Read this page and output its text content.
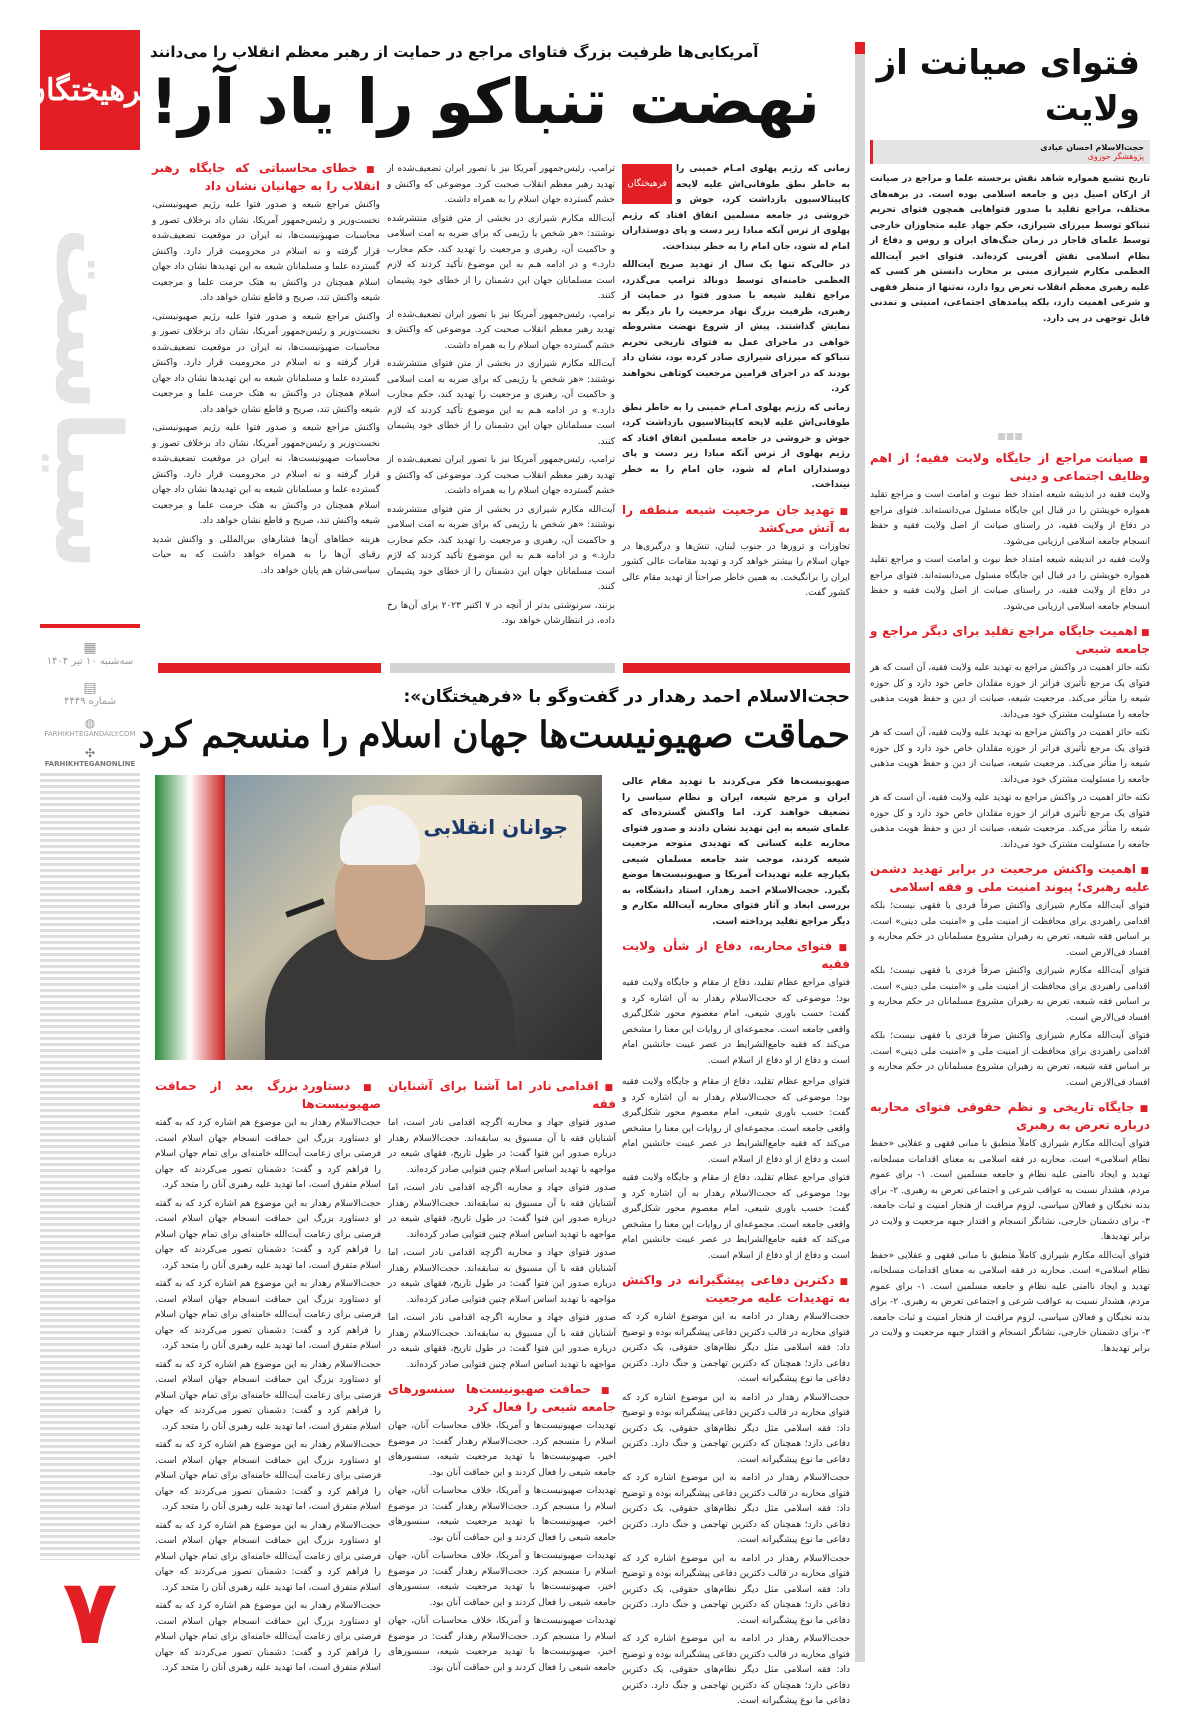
فرهیختگان
سیاست
▦
سه‌شنبه ۱۰ تیر ۱۴۰۴
▤
شماره ۴۴۴۹
◍
FARHIKHTEGANDAILY.COM
✣
FARHIKHTEGANONLINE
۷
فتوای صیانت از ولایت
حجت‌الاسلام احسان عبادی
پژوهشگر حوزوی
تاریخ تشیع همواره شاهد نقش برجسته علما و مراجع در صیانت از ارکان اصیل دین و جامعه اسلامی بوده است. در برهه‌های مختلف، مراجع تقلید با صدور فتواهایی همچون فتوای تحریم تنباکو توسط میرزای شیرازی، حکم جهاد علیه متجاوزان خارجی توسط علمای قاجار در زمان جنگ‌های ایران و روس و دفاع از نظام اسلامی نقش آفرینی کرده‌اند. فتوای اخیر آیت‌الله العظمی مکارم شیرازی مبنی بر محارب دانستن هر کسی که علیه رهبری معظم انقلاب تعرض روا دارد، نه‌تنها از منظر فقهی و شرعی اهمیت دارد، بلکه پیامدهای اجتماعی، امنیتی و تمدنی قابل توجهی در پی دارد.
■■■
■ صیانت مراجع از جایگاه ولایت فقیه؛ از اهم وظایف اجتماعی و دینی

ولایت فقیه در اندیشه شیعه امتداد خط نبوت و امامت است و مراجع تقلید همواره خویشتن را در قبال این جایگاه مسئول می‌دانسته‌اند. فتوای مراجع در دفاع از ولایت فقیه، در راستای صیانت از اصل ولایت فقیه و حفظ انسجام جامعه اسلامی ارزیابی می‌شود.

ولایت فقیه در اندیشه شیعه امتداد خط نبوت و امامت است و مراجع تقلید همواره خویشتن را در قبال این جایگاه مسئول می‌دانسته‌اند. فتوای مراجع در دفاع از ولایت فقیه، در راستای صیانت از اصل ولایت فقیه و حفظ انسجام جامعه اسلامی ارزیابی می‌شود.

■ اهمیت جایگاه مراجع تقلید برای دیگر مراجع و جامعه شیعی

نکته حائز اهمیت در واکنش مراجع به تهدید علیه ولایت فقیه، آن است که هر فتوای یک مرجع تأثیری فراتر از حوزه مقلدان خاص خود دارد و کل حوزه شیعه را متأثر می‌کند. مرجعیت شیعه، صیانت از دین و حفظ هویت مذهبی جامعه را مسئولیت مشترک خود می‌داند.

نکته حائز اهمیت در واکنش مراجع به تهدید علیه ولایت فقیه، آن است که هر فتوای یک مرجع تأثیری فراتر از حوزه مقلدان خاص خود دارد و کل حوزه شیعه را متأثر می‌کند. مرجعیت شیعه، صیانت از دین و حفظ هویت مذهبی جامعه را مسئولیت مشترک خود می‌داند.

نکته حائز اهمیت در واکنش مراجع به تهدید علیه ولایت فقیه، آن است که هر فتوای یک مرجع تأثیری فراتر از حوزه مقلدان خاص خود دارد و کل حوزه شیعه را متأثر می‌کند. مرجعیت شیعه، صیانت از دین و حفظ هویت مذهبی جامعه را مسئولیت مشترک خود می‌داند.

■ اهمیت واکنش مرجعیت در برابر تهدید دشمن علیه رهبری؛ پیوند امنیت ملی و فقه اسلامی

فتوای آیت‌الله مکارم شیرازی واکنش صرفاً فردی یا فقهی نیست؛ بلکه اقدامی راهبردی برای محافظت از امنیت ملی و «امنیت ملی دینی» است. بر اساس فقه شیعه، تعرض به رهبران مشروع مسلمانان در حکم محاربه و افساد فی‌الارض است.

فتوای آیت‌الله مکارم شیرازی واکنش صرفاً فردی یا فقهی نیست؛ بلکه اقدامی راهبردی برای محافظت از امنیت ملی و «امنیت ملی دینی» است. بر اساس فقه شیعه، تعرض به رهبران مشروع مسلمانان در حکم محاربه و افساد فی‌الارض است.

فتوای آیت‌الله مکارم شیرازی واکنش صرفاً فردی یا فقهی نیست؛ بلکه اقدامی راهبردی برای محافظت از امنیت ملی و «امنیت ملی دینی» است. بر اساس فقه شیعه، تعرض به رهبران مشروع مسلمانان در حکم محاربه و افساد فی‌الارض است.

■ جایگاه تاریخی و نظم حقوقی فتوای محاربه درباره تعرض به رهبری

فتوای آیت‌الله مکارم شیرازی کاملاً منطبق با مبانی فقهی و عقلایی «حفظ نظام اسلامی» است. محاربه در فقه اسلامی به معنای اقدامات مسلحانه، تهدید و ایجاد ناامنی علیه نظام و جامعه مسلمین است. ۱- برای عموم مردم، هشدار نسبت به عواقب شرعی و اجتماعی تعرض به رهبری. ۲- برای بدنه نخبگان و فعالان سیاسی، لزوم مراقبت از هنجار امنیت و ثبات جامعه. ۳- برای دشمنان خارجی، نشانگر انسجام و اقتدار جبهه مرجعیت و ولایت در برابر تهدیدها.

فتوای آیت‌الله مکارم شیرازی کاملاً منطبق با مبانی فقهی و عقلایی «حفظ نظام اسلامی» است. محاربه در فقه اسلامی به معنای اقدامات مسلحانه، تهدید و ایجاد ناامنی علیه نظام و جامعه مسلمین است. ۱- برای عموم مردم، هشدار نسبت به عواقب شرعی و اجتماعی تعرض به رهبری. ۲- برای بدنه نخبگان و فعالان سیاسی، لزوم مراقبت از هنجار امنیت و ثبات جامعه. ۳- برای دشمنان خارجی، نشانگر انسجام و اقتدار جبهه مرجعیت و ولایت در برابر تهدیدها.

آمریکایی‌ها ظرفیت بزرگ فتاوای مراجع در حمایت از رهبر معظم انقلاب را می‌دانند
نهضت تنباکو را یاد آر!
فرهیختگان

زمانی که رژیم پهلوی امـام خمینی را به خاطر نطق طوفانی‌اش علیه لایحه کاپیتالاسیون بازداشت کرد، جوش و خروشی در جامعه مسلمین اتفاق افتاد که رژیم پهلوی از ترس آنکه مبادا زیر دست و پای دوستداران امام له شود، جان امام را به خطر نینداخت.

در حالی‌که تنها یک سال از تهدید صریح آیت‌الله العظمی خامنه‌ای توسط دونالد ترامپ می‌گذرد، مراجع تقلید شیعه با صدور فتوا در حمایت از رهبری، ظرفیت بزرگ نهاد مرجعیت را بار دیگر به نمایش گذاشتند. پیش از شروع نهضت مشروطه خواهی در ماجرای عمل به فتوای تاریخی تحریم تنباکو که میرزای شیرازی صادر کرده بود، نشان داد بودند که در اجرای فرامین مرجعیت کوتاهی نخواهند کرد.

زمانی که رژیم پهلوی امـام خمینی را به خاطر نطق طوفانی‌اش علیه لایحه کاپیتالاسیون بازداشت کرد، جوش و خروشی در جامعه مسلمین اتفاق افتاد که رژیم پهلوی از ترس آنکه مبادا زیر دست و پای دوستداران امام له شود، جان امام را به خطر نینداخت.

■ تهدید جان مرجعیت شیعه منطقه را به آتش می‌کشد

تجاوزات و ترورها در جنوب لبنان، تنش‌ها و درگیری‌ها در جهان اسلام را بیشتر خواهد کرد و تهدید مقامات عالی کشور ایران را برانگیخت. به همین خاطر صراحتاً از تهدید مقام عالی کشور گفت.

ترامپ، رئیس‌جمهور آمریکا نیز با تصور ایران تضعیف‌شده از تهدید رهبر معظم انقلاب صحبت کرد. موضوعی که واکنش و خشم گسترده جهان اسلام را به همراه داشت.

آیت‌الله مکارم شیرازی در بخشی از متن فتوای منتشرشده نوشتند: «هر شخص یا رژیمی که برای ضربه به امت اسلامی و حاکمیت آن، رهبری و مرجعیت را تهدید کند، حکم محارب دارد.» و در ادامه هـم به این موضوع تأکید کردند که لازم است مسلمانان جهان این دشمنان را از خطای خود پشیمان کنند.

ترامپ، رئیس‌جمهور آمریکا نیز با تصور ایران تضعیف‌شده از تهدید رهبر معظم انقلاب صحبت کرد. موضوعی که واکنش و خشم گسترده جهان اسلام را به همراه داشت.

آیت‌الله مکارم شیرازی در بخشی از متن فتوای منتشرشده نوشتند: «هر شخص یا رژیمی که برای ضربه به امت اسلامی و حاکمیت آن، رهبری و مرجعیت را تهدید کند، حکم محارب دارد.» و در ادامه هـم به این موضوع تأکید کردند که لازم است مسلمانان جهان این دشمنان را از خطای خود پشیمان کنند.

ترامپ، رئیس‌جمهور آمریکا نیز با تصور ایران تضعیف‌شده از تهدید رهبر معظم انقلاب صحبت کرد. موضوعی که واکنش و خشم گسترده جهان اسلام را به همراه داشت.

آیت‌الله مکارم شیرازی در بخشی از متن فتوای منتشرشده نوشتند: «هر شخص یا رژیمی که برای ضربه به امت اسلامی و حاکمیت آن، رهبری و مرجعیت را تهدید کند، حکم محارب دارد.» و در ادامه هـم به این موضوع تأکید کردند که لازم است مسلمانان جهان این دشمنان را از خطای خود پشیمان کنند.

بزنند، سرنوشتی بدتر از آنچه در ۷ اکتبر ۲۰۲۳ برای آن‌ها رخ داده، در انتظارشان خواهد بود.

■ خطای محاسباتی که جایگاه رهبر انقلاب را به جهانیان نشان داد

واکنش مراجع شیعه و صدور فتوا علیه رژیم صهیونیستی، نخست‌وزیر و رئیس‌جمهور آمریکا، نشان داد برخلاف تصور و محاسبات صهیونیست‌ها، نه ایران در موقعیت تضعیف‌شده قرار گرفته و نه اسلام در محرومیت قرار دارد. واکنش گسترده علما و مسلمانان شیعه به این تهدیدها نشان داد جهان اسلام همچنان در واکنش به هتک حرمت علما و مرجعیت شیعه واکنش تند، صریح و قاطع نشان خواهد داد.

واکنش مراجع شیعه و صدور فتوا علیه رژیم صهیونیستی، نخست‌وزیر و رئیس‌جمهور آمریکا، نشان داد برخلاف تصور و محاسبات صهیونیست‌ها، نه ایران در موقعیت تضعیف‌شده قرار گرفته و نه اسلام در محرومیت قرار دارد. واکنش گسترده علما و مسلمانان شیعه به این تهدیدها نشان داد جهان اسلام همچنان در واکنش به هتک حرمت علما و مرجعیت شیعه واکنش تند، صریح و قاطع نشان خواهد داد.

واکنش مراجع شیعه و صدور فتوا علیه رژیم صهیونیستی، نخست‌وزیر و رئیس‌جمهور آمریکا، نشان داد برخلاف تصور و محاسبات صهیونیست‌ها، نه ایران در موقعیت تضعیف‌شده قرار گرفته و نه اسلام در محرومیت قرار دارد. واکنش گسترده علما و مسلمانان شیعه به این تهدیدها نشان داد جهان اسلام همچنان در واکنش به هتک حرمت علما و مرجعیت شیعه واکنش تند، صریح و قاطع نشان خواهد داد.

هزینه خطاهای آن‌ها فشارهای بین‌المللی و واکنش شدید رقبای آن‌ها را به همراه خواهد داشت که به حیات سیاسی‌شان هم پایان خواهد داد.

حجت‌الاسلام احمد رهدار در گفت‌وگو با «فرهیختگان»:
حماقت صهیونیست‌ها جهان اسلام را منسجم کرد
جوانان انقلابی

صهیونیست‌ها فکر می‌کردند با تهدید مقام عالی ایران و مرجع شیعه، ایران و نظام سیاسی را تضعیف خواهند کرد. اما واکنش گسترده‌ای که علمای شیعه به این تهدید نشان دادند و صدور فتوای محاربه علیه کسانی که تهدیدی متوجه مرجعیت شیعه کردند، موجب شد جامعه مسلمان شیعی یکپارچه علیه تهدیدات آمریکا و صهیونیست‌ها موضع بگیرد. حجت‌الاسلام احمد رهدار، استاد دانشگاه، به بررسی ابعاد و آثار فتوای محاربه آیت‌الله مکارم و دیگر مراجع تقلید پرداخته است.

■ فتوای محاربه، دفاع از شأن ولایت فقیه

فتوای مراجع عظام تقلید، دفاع از مقام و جایگاه ولایت فقیه بود؛ موضوعی که حجت‌الاسلام رهدار به آن اشاره کرد و گفت: حسب باوری شیعی، امام معصوم محور شکل‌گیری واقعی جامعه است. مجموعه‌ای از روایات این معنا را مشخص می‌کند که فقیه جامع‌الشرایط در عصر غیبت جانشین امام است و دفاع از او دفاع از اسلام است.

فتوای مراجع عظام تقلید، دفاع از مقام و جایگاه ولایت فقیه بود؛ موضوعی که حجت‌الاسلام رهدار به آن اشاره کرد و گفت: حسب باوری شیعی، امام معصوم محور شکل‌گیری واقعی جامعه است. مجموعه‌ای از روایات این معنا را مشخص می‌کند که فقیه جامع‌الشرایط در عصر غیبت جانشین امام است و دفاع از او دفاع از اسلام است.

فتوای مراجع عظام تقلید، دفاع از مقام و جایگاه ولایت فقیه بود؛ موضوعی که حجت‌الاسلام رهدار به آن اشاره کرد و گفت: حسب باوری شیعی، امام معصوم محور شکل‌گیری واقعی جامعه است. مجموعه‌ای از روایات این معنا را مشخص می‌کند که فقیه جامع‌الشرایط در عصر غیبت جانشین امام است و دفاع از او دفاع از اسلام است.

■ دکترین دفاعی پیشگیرانه در واکنش به تهدیدات علیه مرجعیت

حجت‌الاسلام رهدار در ادامه به این موضوع اشاره کرد که فتوای محاربه در قالب دکترین دفاعی پیشگیرانه بوده و توضیح داد: فقه اسلامی مثل دیگر نظام‌های حقوقی، یک دکترین دفاعی دارد؛ همچنان که دکترین تهاجمی و جنگ دارد. دکترین دفاعی ما نوع پیشگیرانه است.

حجت‌الاسلام رهدار در ادامه به این موضوع اشاره کرد که فتوای محاربه در قالب دکترین دفاعی پیشگیرانه بوده و توضیح داد: فقه اسلامی مثل دیگر نظام‌های حقوقی، یک دکترین دفاعی دارد؛ همچنان که دکترین تهاجمی و جنگ دارد. دکترین دفاعی ما نوع پیشگیرانه است.

حجت‌الاسلام رهدار در ادامه به این موضوع اشاره کرد که فتوای محاربه در قالب دکترین دفاعی پیشگیرانه بوده و توضیح داد: فقه اسلامی مثل دیگر نظام‌های حقوقی، یک دکترین دفاعی دارد؛ همچنان که دکترین تهاجمی و جنگ دارد. دکترین دفاعی ما نوع پیشگیرانه است.

حجت‌الاسلام رهدار در ادامه به این موضوع اشاره کرد که فتوای محاربه در قالب دکترین دفاعی پیشگیرانه بوده و توضیح داد: فقه اسلامی مثل دیگر نظام‌های حقوقی، یک دکترین دفاعی دارد؛ همچنان که دکترین تهاجمی و جنگ دارد. دکترین دفاعی ما نوع پیشگیرانه است.

حجت‌الاسلام رهدار در ادامه به این موضوع اشاره کرد که فتوای محاربه در قالب دکترین دفاعی پیشگیرانه بوده و توضیح داد: فقه اسلامی مثل دیگر نظام‌های حقوقی، یک دکترین دفاعی دارد؛ همچنان که دکترین تهاجمی و جنگ دارد. دکترین دفاعی ما نوع پیشگیرانه است.

■ اقدامی نادر اما آشنا برای آشنایان فقه

صدور فتوای جهاد و محاربه اگرچه اقدامی نادر است، اما آشنایان فقه با آن مسبوق به سابقه‌اند. حجت‌الاسلام رهدار درباره صدور این فتوا گفت: در طول تاریخ، فقهای شیعه در مواجهه با تهدید اساس اسلام چنین فتوایی صادر کرده‌اند.

صدور فتوای جهاد و محاربه اگرچه اقدامی نادر است، اما آشنایان فقه با آن مسبوق به سابقه‌اند. حجت‌الاسلام رهدار درباره صدور این فتوا گفت: در طول تاریخ، فقهای شیعه در مواجهه با تهدید اساس اسلام چنین فتوایی صادر کرده‌اند.

صدور فتوای جهاد و محاربه اگرچه اقدامی نادر است، اما آشنایان فقه با آن مسبوق به سابقه‌اند. حجت‌الاسلام رهدار درباره صدور این فتوا گفت: در طول تاریخ، فقهای شیعه در مواجهه با تهدید اساس اسلام چنین فتوایی صادر کرده‌اند.

صدور فتوای جهاد و محاربه اگرچه اقدامی نادر است، اما آشنایان فقه با آن مسبوق به سابقه‌اند. حجت‌الاسلام رهدار درباره صدور این فتوا گفت: در طول تاریخ، فقهای شیعه در مواجهه با تهدید اساس اسلام چنین فتوایی صادر کرده‌اند.

■ حماقت صهیونیست‌ها سنسورهای جامعه شیعی را فعال کرد

تهدیدات صهیونیست‌ها و آمریکا، خلاف محاسبات آنان، جهان اسلام را منسجم کرد. حجت‌الاسلام رهدار گفت: در موضوع اخیر، صهیونیست‌ها با تهدید مرجعیت شیعه، سنسورهای جامعه شیعی را فعال کردند و این حماقت آنان بود.

تهدیدات صهیونیست‌ها و آمریکا، خلاف محاسبات آنان، جهان اسلام را منسجم کرد. حجت‌الاسلام رهدار گفت: در موضوع اخیر، صهیونیست‌ها با تهدید مرجعیت شیعه، سنسورهای جامعه شیعی را فعال کردند و این حماقت آنان بود.

تهدیدات صهیونیست‌ها و آمریکا، خلاف محاسبات آنان، جهان اسلام را منسجم کرد. حجت‌الاسلام رهدار گفت: در موضوع اخیر، صهیونیست‌ها با تهدید مرجعیت شیعه، سنسورهای جامعه شیعی را فعال کردند و این حماقت آنان بود.

تهدیدات صهیونیست‌ها و آمریکا، خلاف محاسبات آنان، جهان اسلام را منسجم کرد. حجت‌الاسلام رهدار گفت: در موضوع اخیر، صهیونیست‌ها با تهدید مرجعیت شیعه، سنسورهای جامعه شیعی را فعال کردند و این حماقت آنان بود.

■ دستاورد بزرگ بعد از حماقت صهیونیست‌ها

حجت‌الاسلام رهدار به این موضوع هم اشاره کرد که به گفته او دستاورد بزرگ این حماقت انسجام جهان اسلام است. فرصتی برای زعامت آیت‌الله خامنه‌ای برای تمام جهان اسلام را فراهم کرد و گفت: دشمنان تصور می‌کردند که جهان اسلام متفرق است، اما تهدید علیه رهبری آنان را متحد کرد.

حجت‌الاسلام رهدار به این موضوع هم اشاره کرد که به گفته او دستاورد بزرگ این حماقت انسجام جهان اسلام است. فرصتی برای زعامت آیت‌الله خامنه‌ای برای تمام جهان اسلام را فراهم کرد و گفت: دشمنان تصور می‌کردند که جهان اسلام متفرق است، اما تهدید علیه رهبری آنان را متحد کرد.

حجت‌الاسلام رهدار به این موضوع هم اشاره کرد که به گفته او دستاورد بزرگ این حماقت انسجام جهان اسلام است. فرصتی برای زعامت آیت‌الله خامنه‌ای برای تمام جهان اسلام را فراهم کرد و گفت: دشمنان تصور می‌کردند که جهان اسلام متفرق است، اما تهدید علیه رهبری آنان را متحد کرد.

حجت‌الاسلام رهدار به این موضوع هم اشاره کرد که به گفته او دستاورد بزرگ این حماقت انسجام جهان اسلام است. فرصتی برای زعامت آیت‌الله خامنه‌ای برای تمام جهان اسلام را فراهم کرد و گفت: دشمنان تصور می‌کردند که جهان اسلام متفرق است، اما تهدید علیه رهبری آنان را متحد کرد.

حجت‌الاسلام رهدار به این موضوع هم اشاره کرد که به گفته او دستاورد بزرگ این حماقت انسجام جهان اسلام است. فرصتی برای زعامت آیت‌الله خامنه‌ای برای تمام جهان اسلام را فراهم کرد و گفت: دشمنان تصور می‌کردند که جهان اسلام متفرق است، اما تهدید علیه رهبری آنان را متحد کرد.

حجت‌الاسلام رهدار به این موضوع هم اشاره کرد که به گفته او دستاورد بزرگ این حماقت انسجام جهان اسلام است. فرصتی برای زعامت آیت‌الله خامنه‌ای برای تمام جهان اسلام را فراهم کرد و گفت: دشمنان تصور می‌کردند که جهان اسلام متفرق است، اما تهدید علیه رهبری آنان را متحد کرد.

حجت‌الاسلام رهدار به این موضوع هم اشاره کرد که به گفته او دستاورد بزرگ این حماقت انسجام جهان اسلام است. فرصتی برای زعامت آیت‌الله خامنه‌ای برای تمام جهان اسلام را فراهم کرد و گفت: دشمنان تصور می‌کردند که جهان اسلام متفرق است، اما تهدید علیه رهبری آنان را متحد کرد.
